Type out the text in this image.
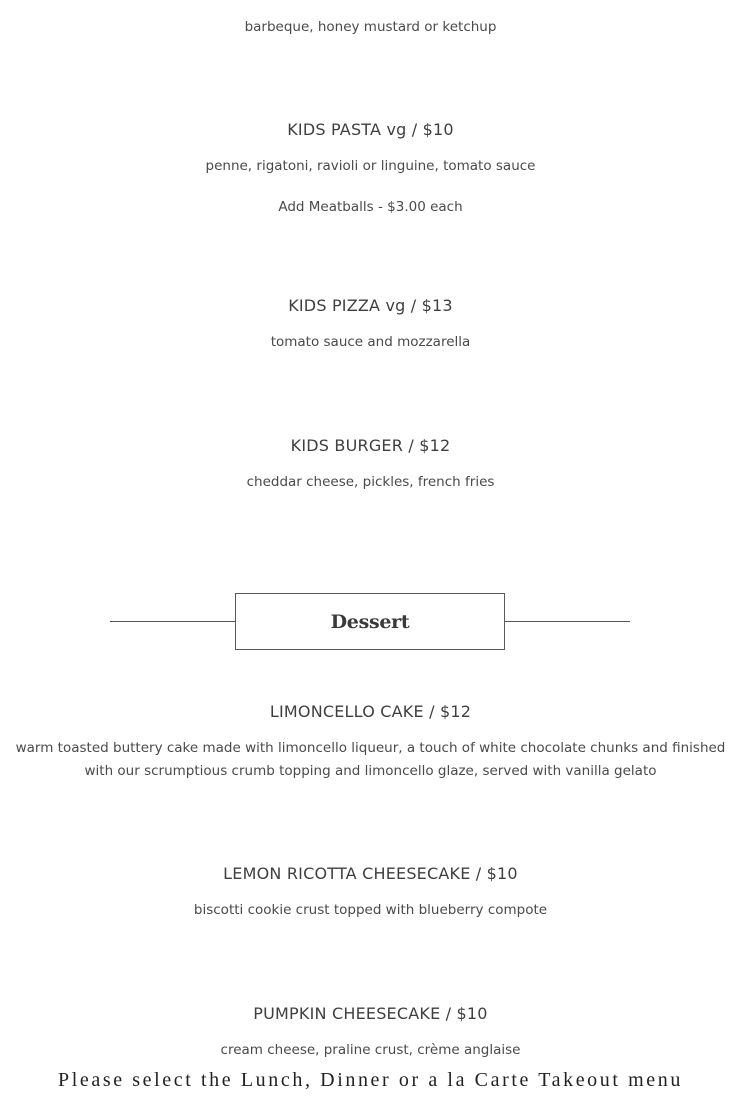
barbeque, honey mustard or ketchup

KIDS PASTA vg / $10

penne, rigatoni, ravioli or linguine, tomato sauce

Add Meatballs - $3.00 each

KIDS PIZZA vg / $13

tomato sauce and mozzarella

KIDS BURGER / $12

cheddar cheese, pickles, french fries

Dessert

LIMONCELLO CAKE / $12

warm toasted buttery cake made with limoncello liqueur, a touch of white chocolate chunks and finished

with our scrumptious crumb topping and limoncello glaze, served with vanilla gelato

LEMON RICOTTA CHEESECAKE / $10

biscotti cookie crust topped with blueberry compote

PUMPKIN CHEESECAKE / $10

cream cheese, praline crust, crème anglaise

Please select the Lunch, Dinner or a la Carte Takeout menu
